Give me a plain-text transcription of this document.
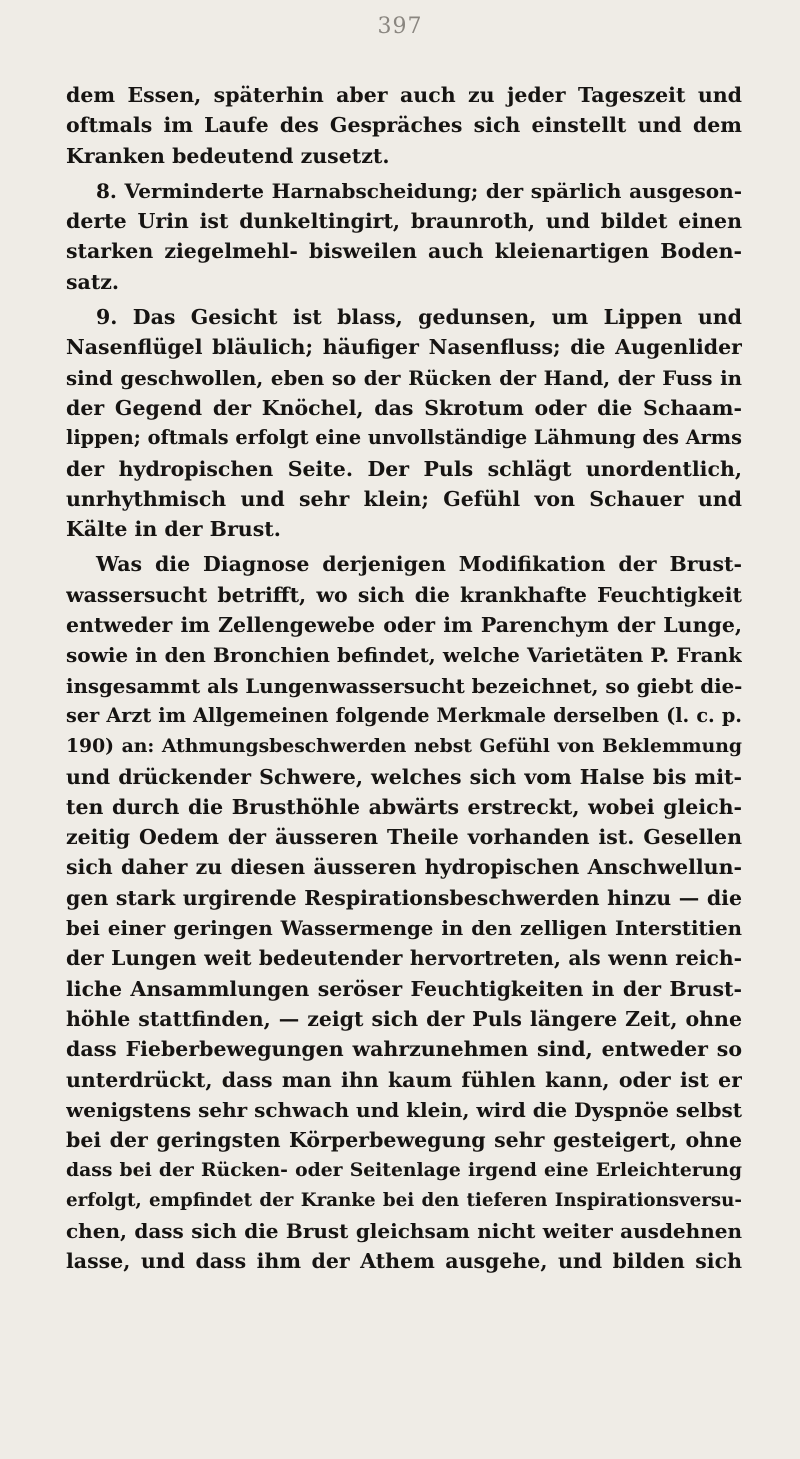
397
dem Essen, späterhin aber auch zu jeder Tageszeit und
oftmals im Laufe des Gespräches sich einstellt und dem
Kranken bedeutend zusetzt.
8. Verminderte Harnabscheidung; der spärlich ausgeson-
derte Urin ist dunkeltingirt, braunroth, und bildet einen
starken ziegelmehl- bisweilen auch kleienartigen Boden-
satz.
9. Das Gesicht ist blass, gedunsen, um Lippen und
Nasenflügel bläulich; häufiger Nasenfluss; die Augenlider
sind geschwollen, eben so der Rücken der Hand, der Fuss in
der Gegend der Knöchel, das Skrotum oder die Schaam-
lippen; oftmals erfolgt eine unvollständige Lähmung des Arms
der hydropischen Seite. Der Puls schlägt unordentlich,
unrhythmisch und sehr klein; Gefühl von Schauer und
Kälte in der Brust.
Was die Diagnose derjenigen Modifikation der Brust-
wassersucht betrifft, wo sich die krankhafte Feuchtigkeit
entweder im Zellengewebe oder im Parenchym der Lunge,
sowie in den Bronchien befindet, welche Varietäten P. Frank
insgesammt als Lungenwassersucht bezeichnet, so giebt die-
ser Arzt im Allgemeinen folgende Merkmale derselben (l. c. p.
190) an: Athmungsbeschwerden nebst Gefühl von Beklemmung
und drückender Schwere, welches sich vom Halse bis mit-
ten durch die Brusthöhle abwärts erstreckt, wobei gleich-
zeitig Oedem der äusseren Theile vorhanden ist. Gesellen
sich daher zu diesen äusseren hydropischen Anschwellun-
gen stark urgirende Respirationsbeschwerden hinzu — die
bei einer geringen Wassermenge in den zelligen Interstitien
der Lungen weit bedeutender hervortreten, als wenn reich-
liche Ansammlungen seröser Feuchtigkeiten in der Brust-
höhle stattfinden, — zeigt sich der Puls längere Zeit, ohne
dass Fieberbewegungen wahrzunehmen sind, entweder so
unterdrückt, dass man ihn kaum fühlen kann, oder ist er
wenigstens sehr schwach und klein, wird die Dyspnöe selbst
bei der geringsten Körperbewegung sehr gesteigert, ohne
dass bei der Rücken- oder Seitenlage irgend eine Erleichterung
erfolgt, empfindet der Kranke bei den tieferen Inspirationsversu-
chen, dass sich die Brust gleichsam nicht weiter ausdehnen
lasse, und dass ihm der Athem ausgehe, und bilden sich
